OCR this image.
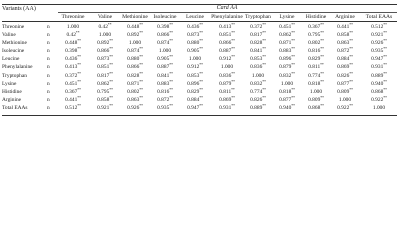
Variants (AA)	Card AA
Threonine Valine Methionine Isoleucine Leucine Phenylalanine Tryptophan Lysine Histidine Arginine Total EAAs
Threonine	n	1.000	0.42**	0.448**	0.398**	0.436**	0.413**	0.372** 0.451** 0.367** 0.441**	0.512**
Valine	n	0.42**	1.000	0.892**	0.866**	0.873**	0.851**	0.817** 0.862** 0.795** 0.858**	0.921**
Methionine	n	0.448**	0.892**	1.000	0.874**	0.880**	0.866**	0.828** 0.871** 0.802** 0.863**	0.926**
Isoleucine	n	0.398**	0.866**	0.874**	1.000	0.905**	0.887**	0.841** 0.883** 0.816** 0.872**	0.935**
Leucine	n	0.436**	0.873**	0.880**	0.905**	1.000	0.912**	0.853** 0.896** 0.829** 0.884**	0.947**
Phenylalanine	n	0.413**	0.851**	0.866**	0.887**	0.912**	1.000	0.836** 0.879** 0.811** 0.869**	0.931**
Tryptophan	n	0.372**	0.817**	0.828**	0.841**	0.853**	0.836**	1.000	0.832** 0.774** 0.826**	0.889**
Lysine	n	0.451**	0.862**	0.871**	0.883**	0.896**	0.879**	0.832**	1.000	0.818** 0.877**	0.940**
Histidine	n	0.367**	0.795**	0.802**	0.816**	0.829**	0.811**	0.774** 0.818**	1.000	0.809**	0.868**
Arginine	n	0.441**	0.858**	0.863**	0.872**	0.884**	0.869**	0.826** 0.877** 0.809**	1.000	0.922**
Total EAAs	n	0.512**	0.921**	0.926**	0.935**	0.947**	0.931**	0.889** 0.940** 0.868** 0.922**	1.000
